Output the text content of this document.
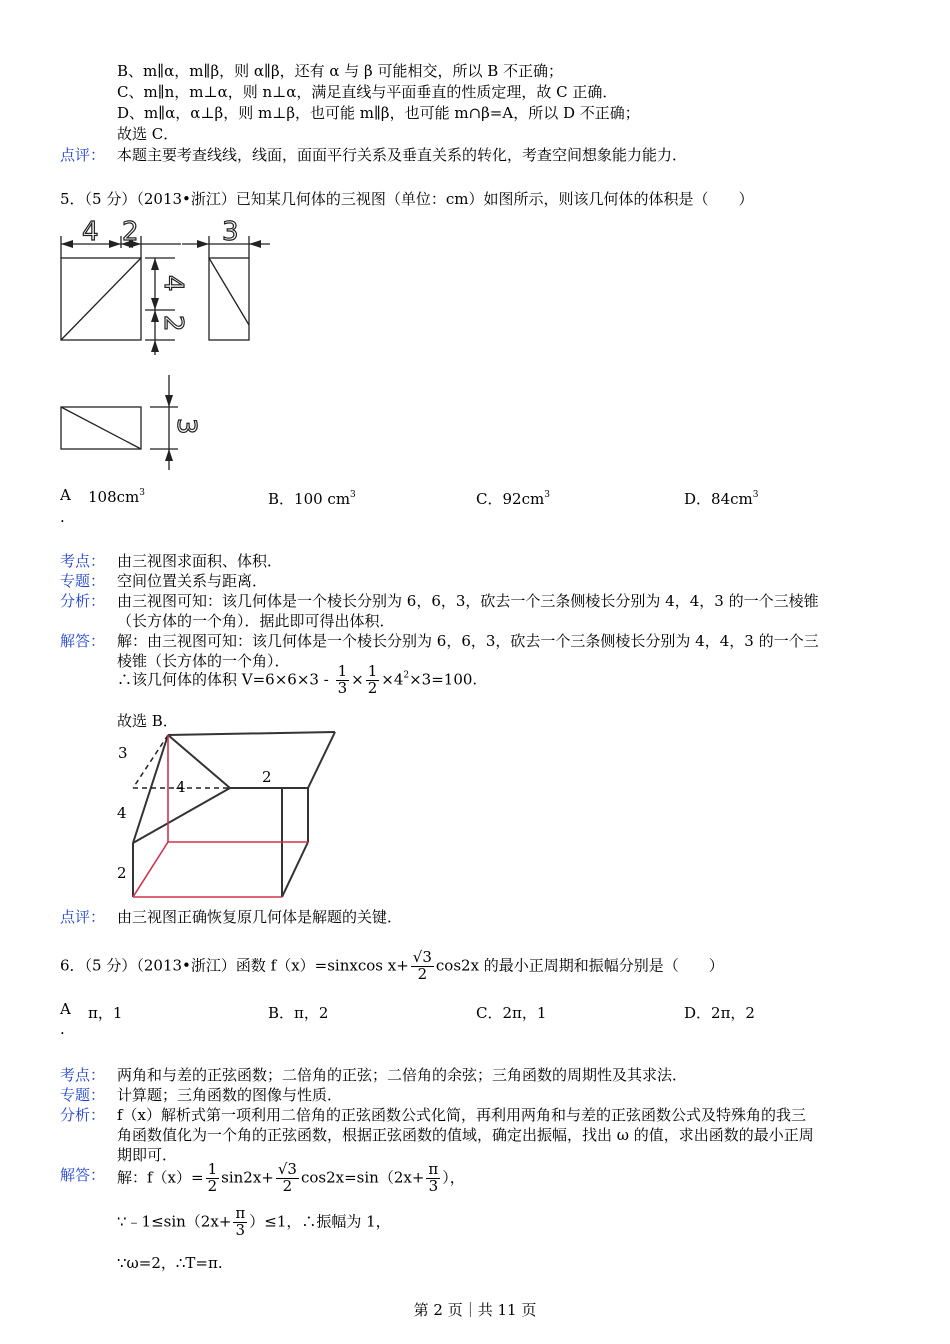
B、m∥α，m∥β，则 α∥β，还有 α 与 β 可能相交，所以 B 不正确；
C、m∥n，m⊥α，则 n⊥α，满足直线与平面垂直的性质定理，故 C 正确．
D、m∥α，α⊥β，则 m⊥β，也可能 m∥β，也可能 m∩β=A，所以 D 不正确；
故选 C．
点评： 本题主要考查线线，线面，面面平行关系及垂直关系的转化，考查空间想象能力能力．
5．（5 分）（2013•浙江）已知某几何体的三视图（单位：cm）如图所示，则该几何体的体积是（　　）
4 2	3
4
2
3
A
.
$108cm^3$	B．100 $cm^3$	C．$92cm^3$	D．$84cm^3$
考点： 由三视图求面积、体积．
专题： 空间位置关系与距离．
分析： 由三视图可知：该几何体是一个棱长分别为 6，6，3，砍去一个三条侧棱长分别为 4，4，3 的一个三棱锥
（长方体的一个角）．据此即可得出体积．
解答： 解：由三视图可知：该几何体是一个棱长分别为 6，6，3，砍去一个三条侧棱长分别为 4，4，3 的一个三
棱锥（长方体的一个角）．
∴该几何体的体积 $V=6\times 6\times 3 - \frac{1}{3} \times \frac{1}{2} \times 4^2\times 3=100$.
故选 B．
3
4
4
2
2
点评： 由三视图正确恢复原几何体是解题的关键．
6．（5 分）（2013•浙江）函数 f（x）=sinxcos $x+ \frac{√3}{2} \cos 2x$ 的最小正周期和振幅分别是（　　）
A
.
π，1	B．π，2	C．2π，1	D．2π，2
考点： 两角和与差的正弦函数；二倍角的正弦；二倍角的余弦；三角函数的周期性及其求法．
专题： 计算题；三角函数的图像与性质．
分析： f（x）解析式第一项利用二倍角的正弦函数公式化简，再利用两角和与差的正弦函数公式及特殊角的我三
角函数值化为一个角的正弦函数，根据正弦函数的值域，确定出振幅，找出 ω 的值，求出函数的最小正周
期即可．
解答： 解：$f(x)= \frac{1}{2} \sin 2x+ \frac{√3}{2} \cos 2x=\sin(2x+ \frac{\pi}{3}$ ），
∵﹣1≤sin（2x+ $\frac{\pi}{3} )\le 1$，∴振幅为 1，
∵ω=2，∴T=π.
第 2 页｜共 11 页
